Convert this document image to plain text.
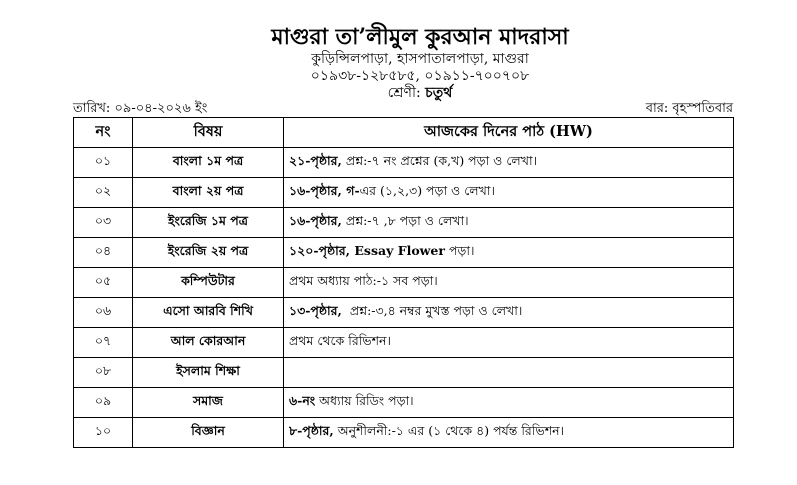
মাগুরা তা’লীমুল কুরআন মাদরাসা
কুড়িন্সিলপাড়া, হাসপাতালপাড়া, মাগুরা
০১৯৩৮-১২৮৫৮৫, ০১৯১১-৭০০৭০৮
শ্রেণী: চতুর্থ
তারিখ: ০৯-০৪-২০২৬ ইং	বার: বৃহস্পতিবার
নং	বিষয়	আজকের দিনের পাঠ (HW)
০১	বাংলা ১ম পত্র	২১-পৃষ্ঠার, প্রশ্ন:-৭ নং প্রশ্নের (ক,খ) পড়া ও লেখা।
০২	বাংলা ২য় পত্র	১৬-পৃষ্ঠার, গ-এর (১,২,৩) পড়া ও লেখা।
০৩	ইংরেজি ১ম পত্র	১৬-পৃষ্ঠার, প্রশ্ন:-৭ ,৮ পড়া ও লেখা।
০৪	ইংরেজি ২য় পত্র	১২০-পৃষ্ঠার, Essay Flower পড়া।
০৫	কম্পিউটার	প্রথম অধ্যায় পাঠ:-১ সব পড়া।
০৬	এসো আরবি শিখি	১৩-পৃষ্ঠার,  প্রশ্ন:-৩,৪ নম্বর মুখস্ত পড়া ও লেখা।
০৭	আল কোরআন	প্রথম থেকে রিভিশন।
০৮	ইসলাম শিক্ষা	
০৯	সমাজ	৬-নং অধ্যায় রিডিং পড়া।
১০	বিজ্ঞান	৮-পৃষ্ঠার, অনুশীলনী:-১ এর (১ থেকে ৪) পর্যন্ত রিভিশন।
